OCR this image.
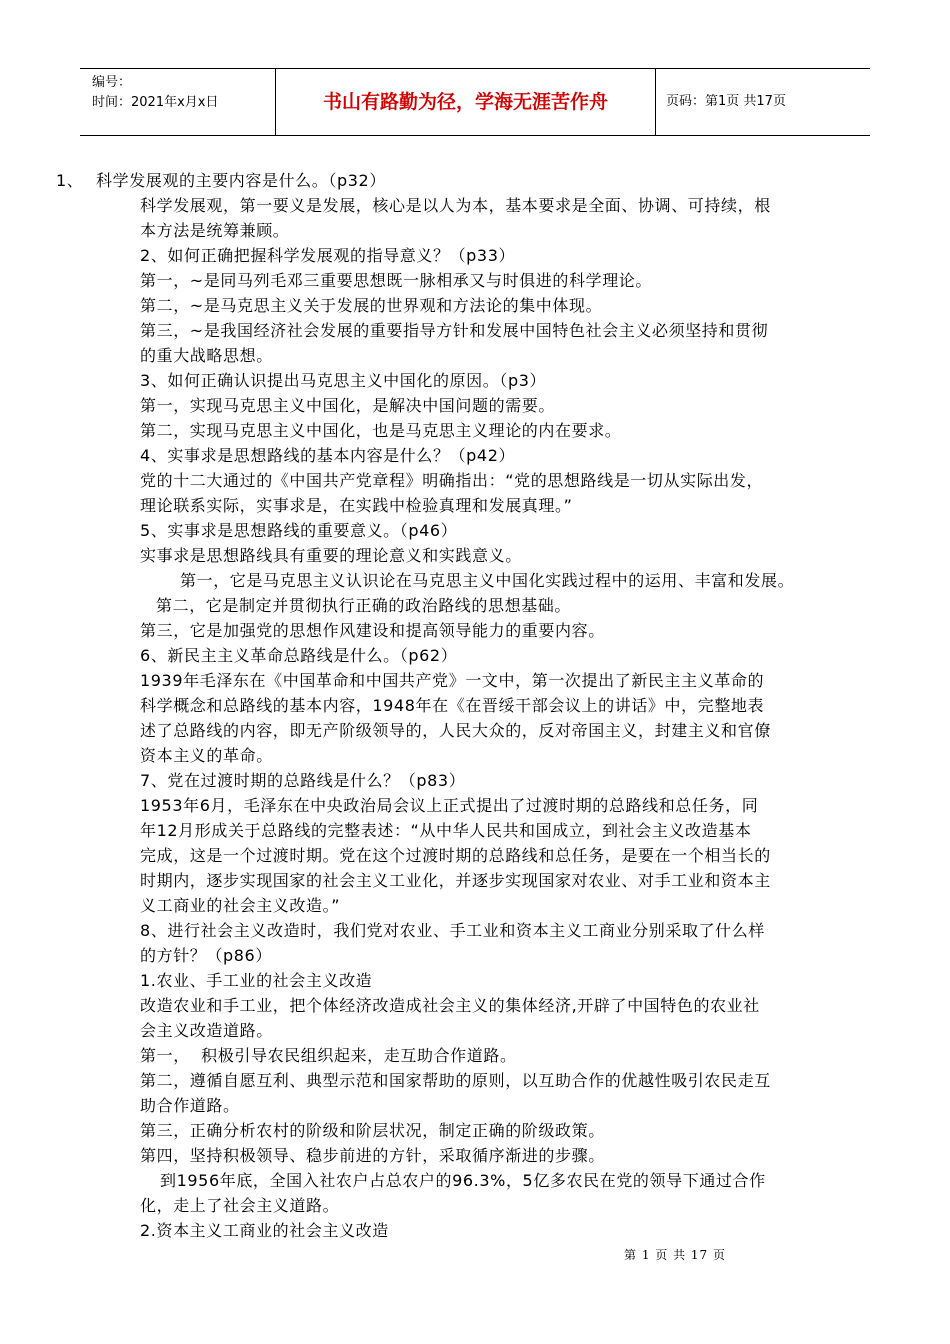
编号：
时间：2021年x月x日	书山有路勤为径，学海无涯苦作舟	页码：第1页 共17页
1、 科学发展观的主要内容是什么。（p32）
科学发展观，第一要义是发展，核心是以人为本，基本要求是全面、协调、可持续，根
本方法是统筹兼顾。
2、如何正确把握科学发展观的指导意义？（p33）
第一，~是同马列毛邓三重要思想既一脉相承又与时俱进的科学理论。
第二，~是马克思主义关于发展的世界观和方法论的集中体现。
第三，~是我国经济社会发展的重要指导方针和发展中国特色社会主义必须坚持和贯彻
的重大战略思想。
3、如何正确认识提出马克思主义中国化的原因。（p3）
第一，实现马克思主义中国化，是解决中国问题的需要。
第二，实现马克思主义中国化，也是马克思主义理论的内在要求。
4、实事求是思想路线的基本内容是什么？（p42）
党的十二大通过的《中国共产党章程》明确指出：“党的思想路线是一切从实际出发，
理论联系实际，实事求是，在实践中检验真理和发展真理。”
5、实事求是思想路线的重要意义。（p46）
实事求是思想路线具有重要的理论意义和实践意义。
第一，它是马克思主义认识论在马克思主义中国化实践过程中的运用、丰富和发展。
第二，它是制定并贯彻执行正确的政治路线的思想基础。
第三，它是加强党的思想作风建设和提高领导能力的重要内容。
6、新民主主义革命总路线是什么。（p62）
1939年毛泽东在《中国革命和中国共产党》一文中，第一次提出了新民主主义革命的
科学概念和总路线的基本内容，1948年在《在晋绥干部会议上的讲话》中，完整地表
述了总路线的内容，即无产阶级领导的，人民大众的，反对帝国主义，封建主义和官僚
资本主义的革命。
7、党在过渡时期的总路线是什么？（p83）
1953年6月，毛泽东在中央政治局会议上正式提出了过渡时期的总路线和总任务，同
年12月形成关于总路线的完整表述：“从中华人民共和国成立，到社会主义改造基本
完成，这是一个过渡时期。党在这个过渡时期的总路线和总任务，是要在一个相当长的
时期内，逐步实现国家的社会主义工业化，并逐步实现国家对农业、对手工业和资本主
义工商业的社会主义改造。”
8、进行社会主义改造时，我们党对农业、手工业和资本主义工商业分别采取了什么样
的方针？（p86）
1.农业、手工业的社会主义改造
改造农业和手工业，把个体经济改造成社会主义的集体经济,开辟了中国特色的农业社
会主义改造道路。
第一，  积极引导农民组织起来，走互助合作道路。
第二，遵循自愿互利、典型示范和国家帮助的原则，以互助合作的优越性吸引农民走互
助合作道路。
第三，正确分析农村的阶级和阶层状况，制定正确的阶级政策。
第四，坚持积极领导、稳步前进的方针，采取循序渐进的步骤。
到1956年底，全国入社农户占总农户的96.3%，5亿多农民在党的领导下通过合作
化，走上了社会主义道路。
2.资本主义工商业的社会主义改造
第 1 页 共 17 页
